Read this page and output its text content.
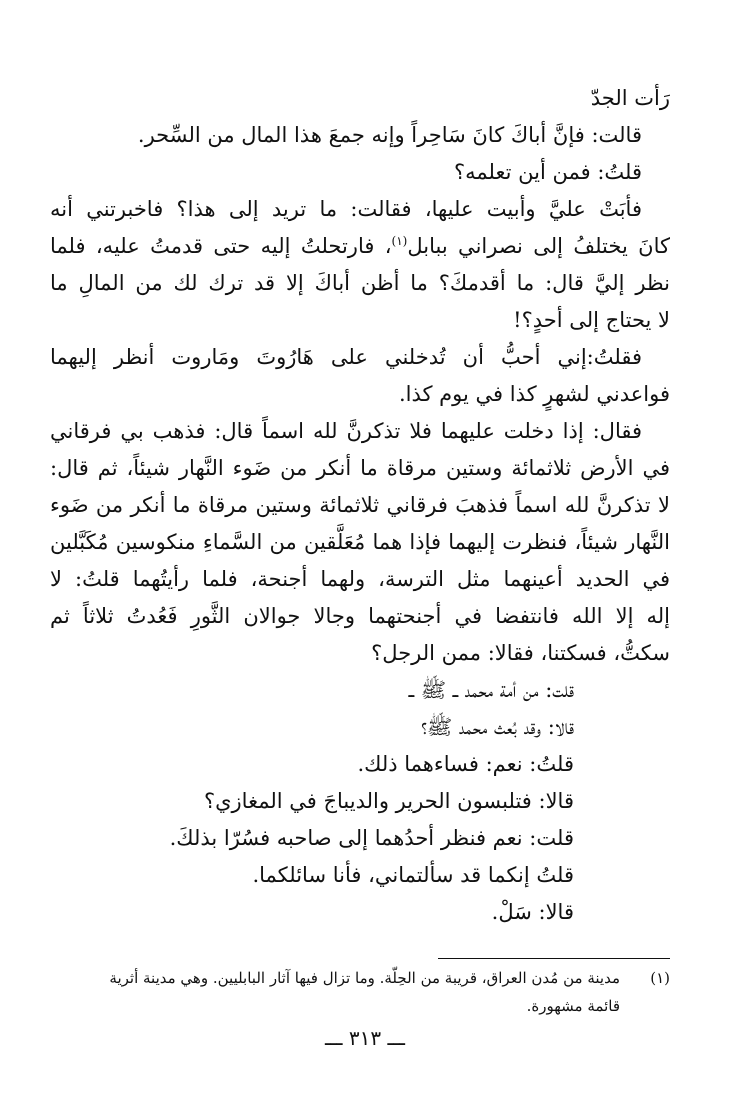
رَأت الجدّ
قالت: فإنَّ أباكَ كانَ سَاحِراً وإنه جمعَ هذا المال من السِّحر.
قلتُ: فمن أين تعلمه؟
فأبَتْ عليَّ وأبيت عليها، فقالت: ما تريد إلى هذا؟ فاخبرتني أنه
كانَ يختلفُ إلى نصراني ببابل$^{(١)}$، فارتحلتُ إليه حتى قدمتُ عليه، فلما
نظر إليَّ قال: ما أقدمكَ؟ ما أظن أباكَ إلا قد ترك لك من المالِ ما
لا يحتاج إلى أحدٍ؟!
فقلتُ:إني أحبُّ أن تُدخلني على هَارُوتَ ومَاروت أنظر إليهما
فواعدني لشهرٍ كذا في يوم كذا.
فقال: إذا دخلت عليهما فلا تذكرنَّ لله اسماً قال: فذهب بي فرقاني
في الأرض ثلاثمائة وستين مرقاة ما أنكر من ضَوء النَّهار شيئاً، ثم قال:
لا تذكرنَّ لله اسماً فذهبَ فرقاني ثلاثمائة وستين مرقاة ما أنكر من ضَوء
النَّهار شيئاً، فنظرت إليهما فإذا هما مُعَلَّقين من السَّماءِ منكوسين مُكَبَّلين
في الحديد أعينهما مثل الترسة، ولهما أجنحة، فلما رأيتُهما قلتُ: لا
إله إلا الله فانتفضا في أجنحتهما وجالا جوالان الثَّورِ فَعُدتُ ثلاثاً ثم
سكتُّ، فسكتنا، فقالا: ممن الرجل؟
قلت: من أمة محمد ــ ﷺ ــ
قالا: وقد بُعث محمد ﷺ؟
قلتُ: نعم: فساءهما ذلك.
قالا: فتلبسون الحرير والديباجَ في المغازي؟
قلت: نعم فنظر أحدُهما إلى صاحبه فسُرّا بذلكَ.
قلتُ إنكما قد سألتماني، فأنا سائلكما.
قالا: سَلْ.
(١)مدينة من مُدن العراق، قريبة من الحِلّة. وما تزال فيها آثار البابليين. وهي مدينة أثرية
قائمة مشهورة.
ـــ ٣١٣ ـــ
